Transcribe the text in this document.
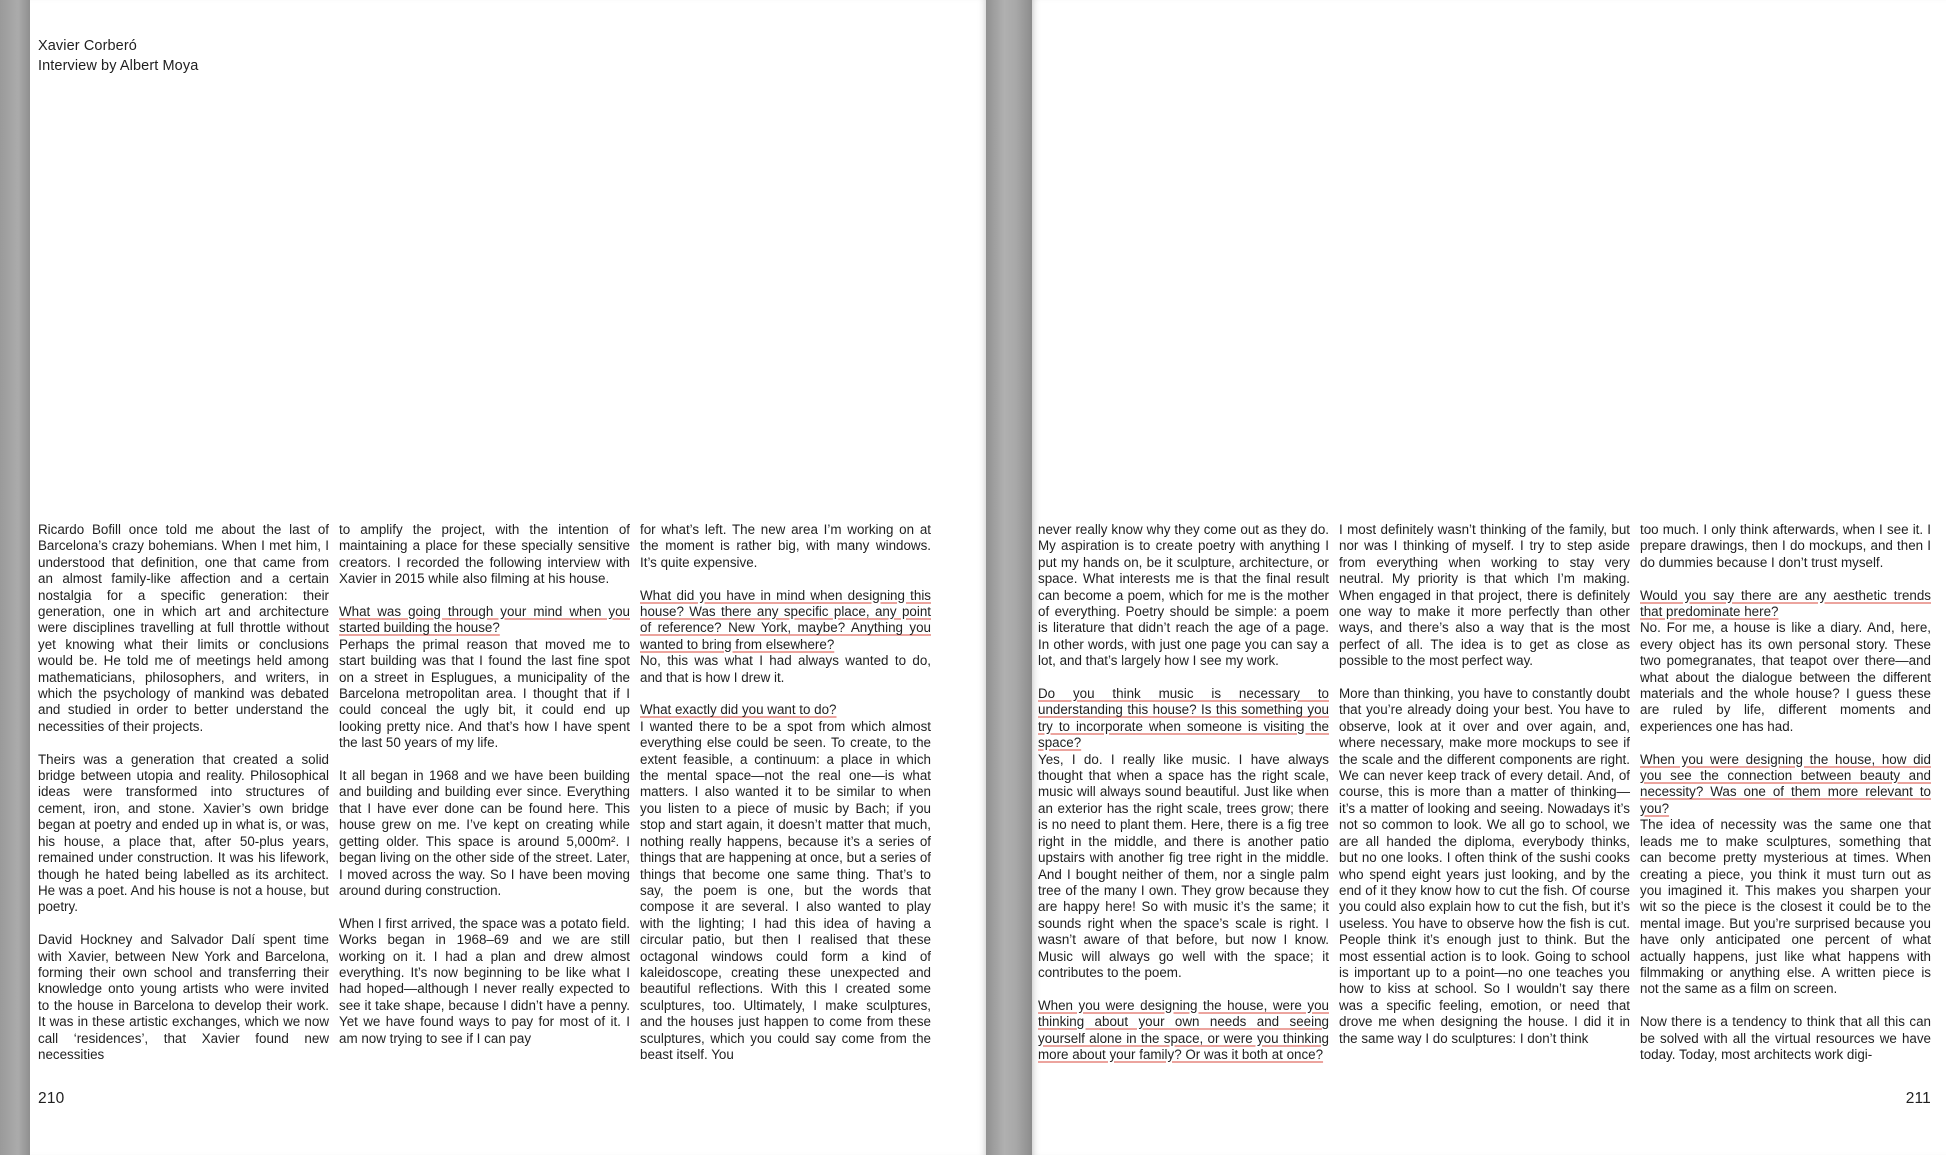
Xavier Corberó
Interview by Albert Moya

Ricardo Bofill once told me about the last of Barcelona’s crazy bohemians. When I met him, I understood that definition, one that came from an almost family-like affection and a certain nostalgia for a specific generation: their generation, one in which art and architecture were disciplines travelling at full throttle without yet knowing what their limits or conclusions would be. He told me of meetings held among mathematicians, philosophers, and writers, in which the psychology of mankind was debated and studied in order to better understand the necessities of their projects.

Theirs was a generation that created a solid bridge between utopia and reality. Philosophical ideas were transformed into structures of cement, iron, and stone. Xavier’s own bridge began at poetry and ended up in what is, or was, his house, a place that, after 50-plus years, remained under construction. It was his lifework, though he hated being labelled as its architect. He was a poet. And his house is not a house, but poetry.

David Hockney and Salvador Dalí spent time with Xavier, between New York and Barcelona, forming their own school and transferring their knowledge onto young artists who were invited to the house in Barcelona to develop their work. It was in these artistic exchanges, which we now call ‘residences’, that Xavier found new necessities

to amplify the project, with the intention of maintaining a place for these specially sensitive creators. I recorded the following interview with Xavier in 2015 while also filming at his house.

What was going through your mind when you started building the house?

Perhaps the primal reason that moved me to start building was that I found the last fine spot on a street in Esplugues, a municipality of the Barcelona metropolitan area. I thought that if I could conceal the ugly bit, it could end up looking pretty nice. And that’s how I have spent the last 50 years of my life.

It all began in 1968 and we have been building and building and building ever since. Everything that I have ever done can be found here. This house grew on me. I’ve kept on creating while getting older. This space is around 5,000m². I began living on the other side of the street. Later, I moved across the way. So I have been moving around during construction.

When I first arrived, the space was a potato field. Works began in 1968–69 and we are still working on it. I had a plan and drew almost everything. It’s now beginning to be like what I had hoped—although I never really expected to see it take shape, because I didn’t have a penny. Yet we have found ways to pay for most of it. I am now trying to see if I can pay

for what’s left. The new area I’m working on at the moment is rather big, with many windows. It’s quite expensive.

What did you have in mind when designing this house? Was there any specific place, any point of reference? New York, maybe? Anything you wanted to bring from elsewhere?

No, this was what I had always wanted to do, and that is how I drew it.

What exactly did you want to do?

I wanted there to be a spot from which almost everything else could be seen. To create, to the extent feasible, a continuum: a place in which the mental space—not the real one—is what matters. I also wanted it to be similar to when you listen to a piece of music by Bach; if you stop and start again, it doesn’t matter that much, nothing really happens, because it’s a series of things that are happening at once, but a series of things that become one same thing. That’s to say, the poem is one, but the words that compose it are several. I also wanted to play with the lighting; I had this idea of having a circular patio, but then I realised that these octagonal windows could form a kind of kaleidoscope, creating these unexpected and beautiful reflections. With this I created some sculptures, too. Ultimately, I make sculptures, and the houses just happen to come from these sculptures, which you could say come from the beast itself. You

never really know why they come out as they do. My aspiration is to create poetry with anything I put my hands on, be it sculpture, architecture, or space. What interests me is that the final result can become a poem, which for me is the mother of everything. Poetry should be simple: a poem is literature that didn’t reach the age of a page. In other words, with just one page you can say a lot, and that’s largely how I see my work.

Do you think music is necessary to understanding this house? Is this something you try to incorporate when someone is visiting the space?

Yes, I do. I really like music. I have always thought that when a space has the right scale, music will always sound beautiful. Just like when an exterior has the right scale, trees grow; there is no need to plant them. Here, there is a fig tree right in the middle, and there is another patio upstairs with another fig tree right in the middle. And I bought neither of them, nor a single palm tree of the many I own. They grow because they are happy here! So with music it’s the same; it sounds right when the space’s scale is right. I wasn’t aware of that before, but now I know. Music will always go well with the space; it contributes to the poem.

When you were designing the house, were you thinking about your own needs and seeing yourself alone in the space, or were you thinking more about your family? Or was it both at once?

I most definitely wasn’t thinking of the family, but nor was I thinking of myself. I try to step aside from everything when working to stay very neutral. My priority is that which I’m making. When engaged in that project, there is definitely one way to make it more perfectly than other ways, and there’s also a way that is the most perfect of all. The idea is to get as close as possible to the most perfect way.

More than thinking, you have to constantly doubt that you’re already doing your best. You have to observe, look at it over and over again, and, where necessary, make more mockups to see if the scale and the different components are right. We can never keep track of every detail. And, of course, this is more than a matter of thinking—it’s a matter of looking and seeing. Nowadays it’s not so common to look. We all go to school, we are all handed the diploma, everybody thinks, but no one looks. I often think of the sushi cooks who spend eight years just looking, and by the end of it they know how to cut the fish. Of course you could also explain how to cut the fish, but it’s useless. You have to observe how the fish is cut. People think it’s enough just to think. But the most essential action is to look. Going to school is important up to a point—no one teaches you how to kiss at school. So I wouldn’t say there was a specific feeling, emotion, or need that drove me when designing the house. I did it in the same way I do sculptures: I don’t think

too much. I only think afterwards, when I see it. I prepare drawings, then I do mockups, and then I do dummies because I don’t trust myself.

Would you say there are any aesthetic trends that predominate here?

No. For me, a house is like a diary. And, here, every object has its own personal story. These two pomegranates, that teapot over there—and what about the dialogue between the different materials and the whole house? I guess these are ruled by life, different moments and experiences one has had.

When you were designing the house, how did you see the connection between beauty and necessity? Was one of them more relevant to you?

The idea of necessity was the same one that leads me to make sculptures, something that can become pretty mysterious at times. When creating a piece, you think it must turn out as you imagined it. This makes you sharpen your wit so the piece is the closest it could be to the mental image. But you’re surprised because you have only anticipated one percent of what actually happens, just like what happens with filmmaking or anything else. A written piece is not the same as a film on screen.

Now there is a tendency to think that all this can be solved with all the virtual resources we have today. Today, most architects work digi-

210	211
